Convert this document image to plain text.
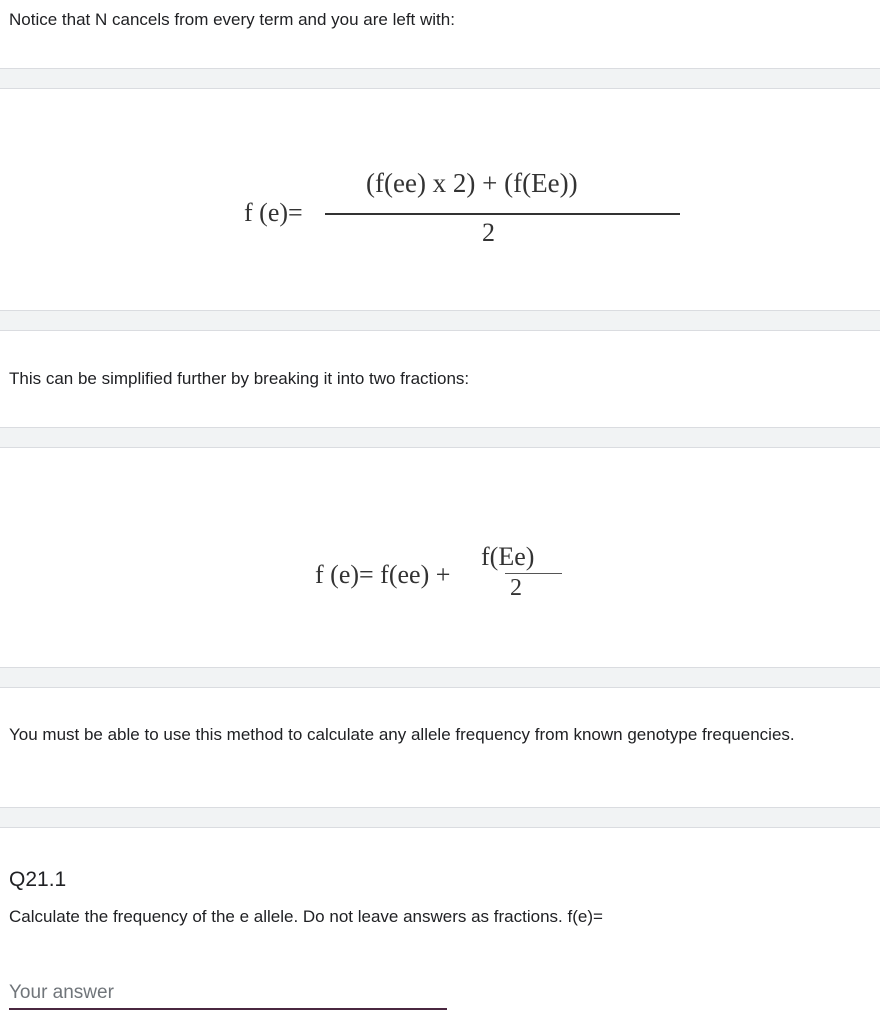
Notice that N cancels from every term and you are left with:
f (e)=
(f(ee) x 2) + (f(Ee))
2
This can be simplified further by breaking it into two fractions:
f (e)= f(ee) +
f(Ee)
2
You must be able to use this method to calculate any allele frequency from known genotype frequencies.
Q21.1
Calculate the frequency of the e allele. Do not leave answers as fractions. f(e)=
Your answer
